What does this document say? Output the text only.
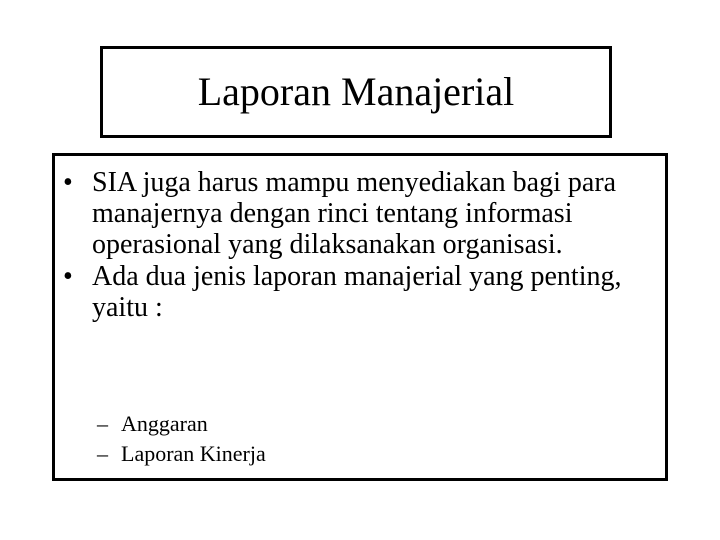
Laporan Manajerial
• SIA juga harus mampu menyediakan bagi para manajernya dengan rinci tentang informasi operasional yang dilaksanakan organisasi.
• Ada dua jenis laporan manajerial yang penting, yaitu :
– Anggaran
– Laporan Kinerja
